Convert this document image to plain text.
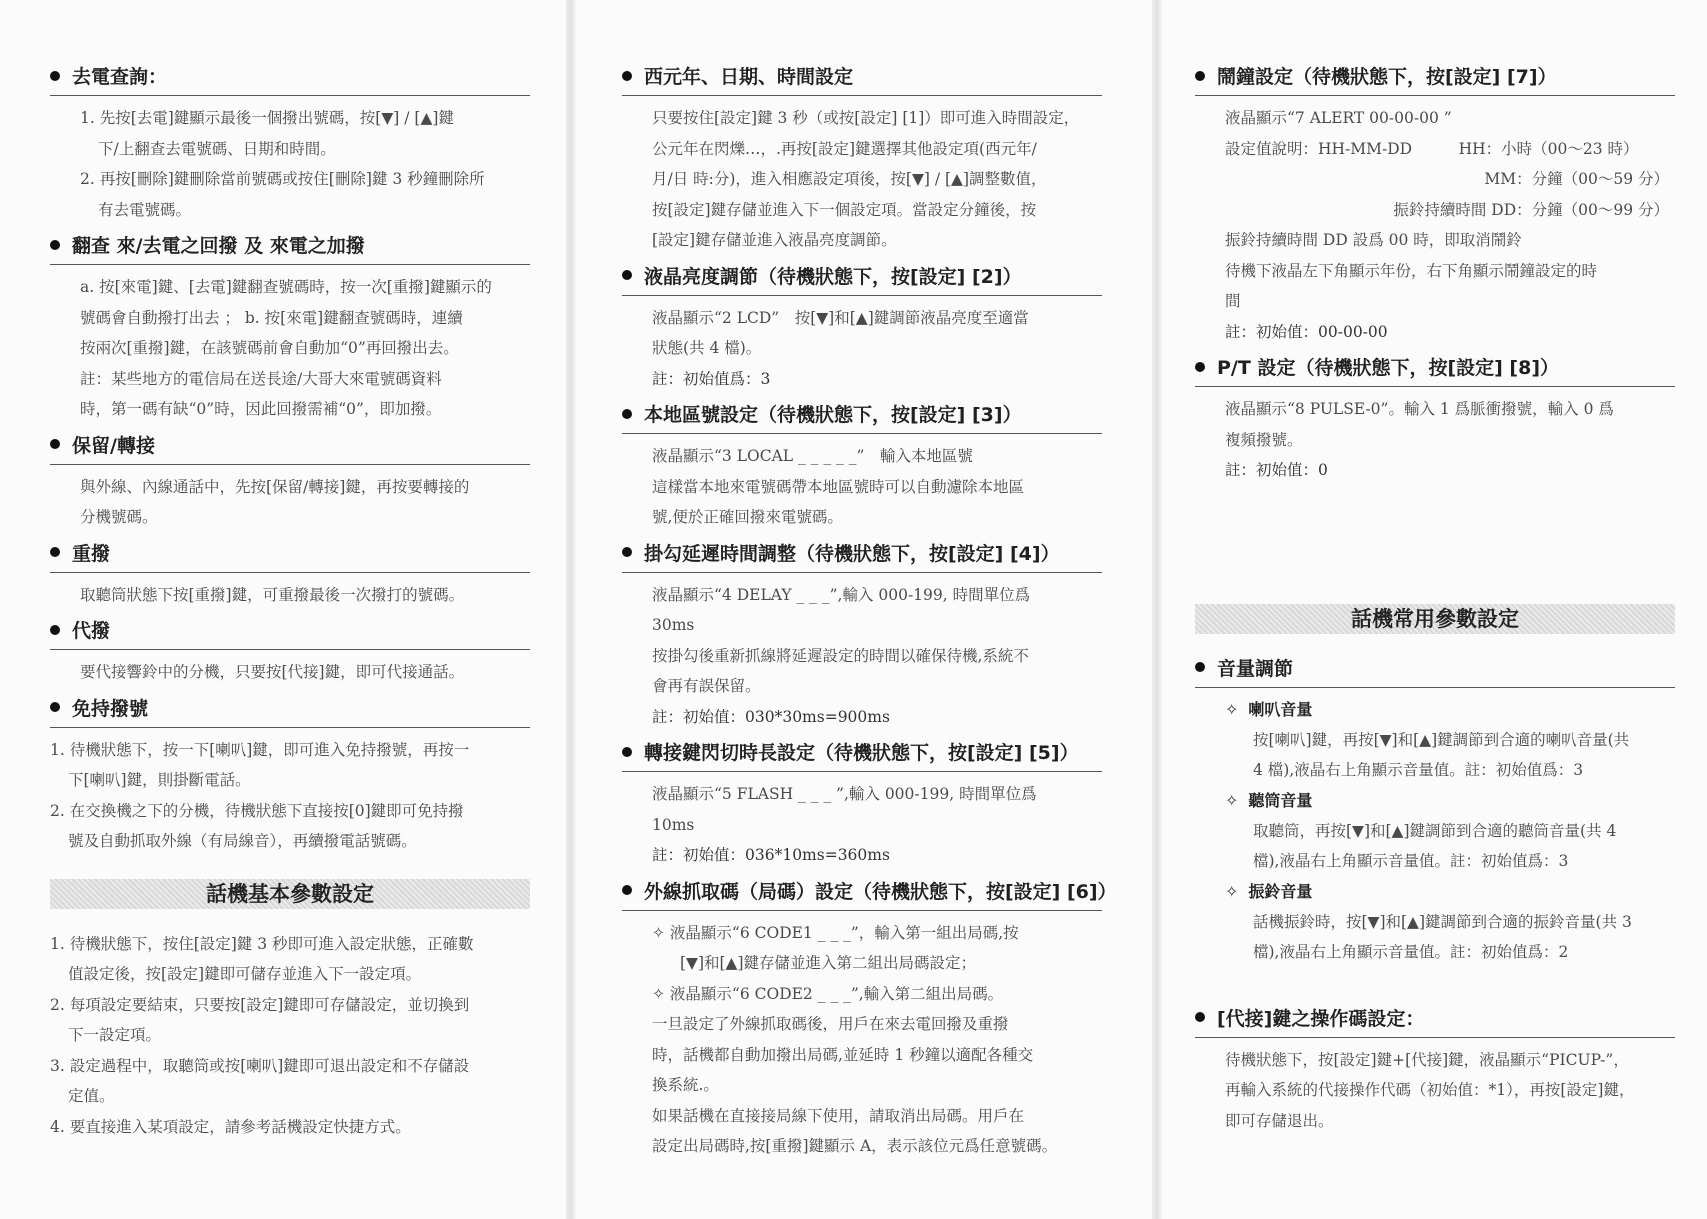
去電查詢：
1. 先按[去電]鍵顯示最後一個撥出號碼，按[▼] / [▲]鍵
下/上翻查去電號碼、日期和時間。
2. 再按[刪除]鍵刪除當前號碼或按住[刪除]鍵 3 秒鐘刪除所
有去電號碼。
翻查 來/去電之回撥 及 來電之加撥
a. 按[來電]鍵、[去電]鍵翻查號碼時，按一次[重撥]鍵顯示的
號碼會自動撥打出去 ； b. 按[來電]鍵翻查號碼時，連續
按兩次[重撥]鍵，在該號碼前會自動加“0”再回撥出去。
註：某些地方的電信局在送長途/大哥大來電號碼資料
時，第一碼有缺“0”時，因此回撥需補“0”，即加撥。
保留/轉接
與外線、內線通話中，先按[保留/轉接]鍵，再按要轉接的
分機號碼。
重撥
取聽筒狀態下按[重撥]鍵，可重撥最後一次撥打的號碼。
代撥
要代接響鈴中的分機，只要按[代接]鍵，即可代接通話。
免持撥號
1. 待機狀態下，按一下[喇叭]鍵，即可進入免持撥號，再按一
下[喇叭]鍵，則掛斷電話。
2. 在交換機之下的分機，待機狀態下直接按[0]鍵即可免持撥
號及自動抓取外線（有局線音），再續撥電話號碼。
話機基本參數設定
1. 待機狀態下，按住[設定]鍵 3 秒即可進入設定狀態，正確數
值設定後，按[設定]鍵即可儲存並進入下一設定項。
2. 每項設定要結束，只要按[設定]鍵即可存儲設定，並切換到
下一設定項。
3. 設定過程中，取聽筒或按[喇叭]鍵即可退出設定和不存儲設
定值。
4. 要直接進入某項設定，請參考話機設定快捷方式。
西元年、日期、時間設定
只要按住[設定]鍵 3 秒（或按[設定] [1]）即可進入時間設定，
公元年在閃爍…，.再按[設定]鍵選擇其他設定項(西元年/
月/日 時:分)，進入相應設定項後，按[▼] / [▲]調整數值，
按[設定]鍵存儲並進入下一個設定項。當設定分鐘後，按
[設定]鍵存儲並進入液晶亮度調節。
液晶亮度調節（待機狀態下，按[設定] [2]）
液晶顯示“2 LCD”　按[▼]和[▲]鍵調節液晶亮度至適當
狀態(共 4 檔)。
註：初始值爲：3
本地區號設定（待機狀態下，按[設定] [3]）
液晶顯示“3 LOCAL _ _ _ _ _”　輸入本地區號
這樣當本地來電號碼帶本地區號時可以自動濾除本地區
號,便於正確回撥來電號碼。
掛勾延遲時間調整（待機狀態下，按[設定] [4]）
液晶顯示“4 DELAY _ _ _”,輸入 000-199, 時間單位爲
30ms
按掛勾後重新抓線將延遲設定的時間以確保待機,系統不
會再有誤保留。
註：初始值：030*30ms=900ms
轉接鍵閃切時長設定（待機狀態下，按[設定] [5]）
液晶顯示“5 FLASH _ _ _ ”,輸入 000-199, 時間單位爲
10ms
註：初始值：036*10ms=360ms
外線抓取碼（局碼）設定（待機狀態下，按[設定] [6]）
✧ 液晶顯示“6 CODE1 _ _ _”，輸入第一組出局碼,按
[▼]和[▲]鍵存儲並進入第二組出局碼設定；
✧ 液晶顯示“6 CODE2 _ _ _”,輸入第二組出局碼。
一旦設定了外線抓取碼後，用戶在來去電回撥及重撥
時，話機都自動加撥出局碼,並延時 1 秒鐘以適配各種交
換系統.。
如果話機在直接接局線下使用，請取消出局碼。用戶在
設定出局碼時,按[重撥]鍵顯示 A，表示該位元爲任意號碼。
鬧鐘設定（待機狀態下，按[設定] [7]）
液晶顯示“7 ALERT 00-00-00 ”
設定值說明：HH-MM-DD　　　HH：小時（00～23 時）
MM：分鐘（00～59 分）
振鈴持續時間 DD：分鐘（00～99 分）
振鈴持續時間 DD 設爲 00 時，即取消鬧鈴
待機下液晶左下角顯示年份，右下角顯示鬧鐘設定的時
間
註：初始值：00-00-00
P/T 設定（待機狀態下，按[設定] [8]）
液晶顯示“8 PULSE-0”。輸入 1 爲脈衝撥號，輸入 0 爲
複頻撥號。
註：初始值：0
話機常用參數設定
音量調節
✧ 喇叭音量
按[喇叭]鍵，再按[▼]和[▲]鍵調節到合適的喇叭音量(共
4 檔),液晶右上角顯示音量值。註：初始值爲：3
✧ 聽筒音量
取聽筒，再按[▼]和[▲]鍵調節到合適的聽筒音量(共 4
檔),液晶右上角顯示音量值。註：初始值爲：3
✧ 振鈴音量
話機振鈴時，按[▼]和[▲]鍵調節到合適的振鈴音量(共 3
檔),液晶右上角顯示音量值。註：初始值爲：2
[代接]鍵之操作碼設定：
待機狀態下，按[設定]鍵+[代接]鍵，液晶顯示“PICUP-”，
再輸入系統的代接操作代碼（初始值：*1），再按[設定]鍵，
即可存儲退出。
